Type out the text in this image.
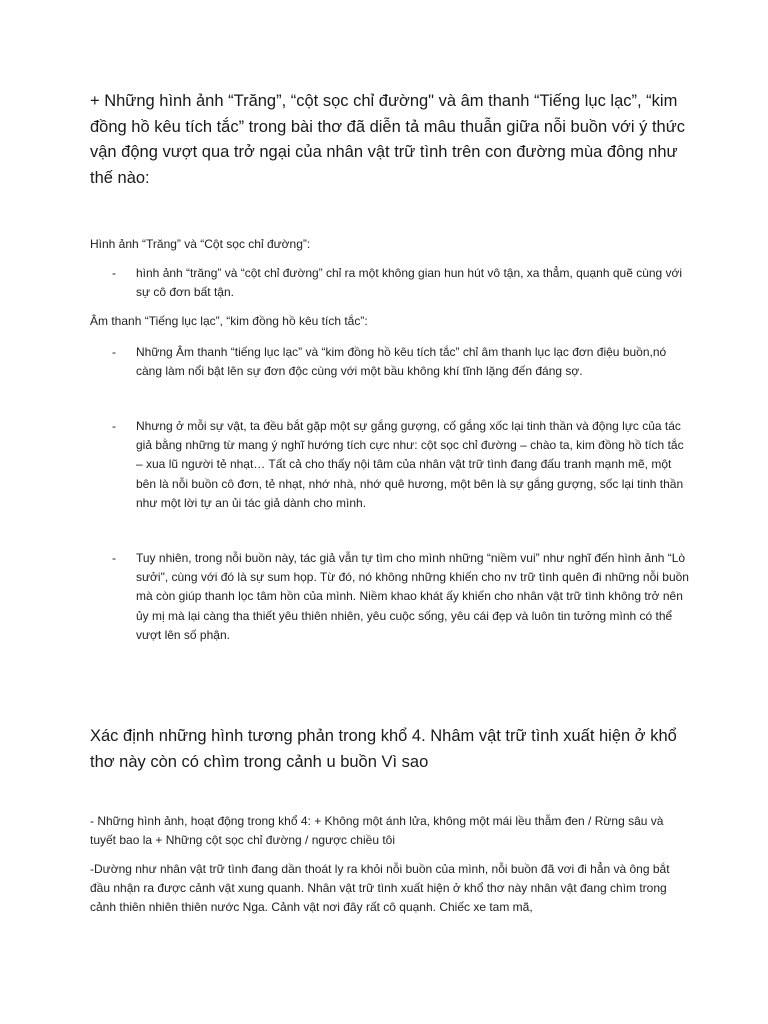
+ Những hình ảnh “Trăng”, “cột sọc chỉ đường" và âm thanh “Tiếng lục lạc”, “kim đồng hồ kêu tích tắc” trong bài thơ đã diễn tả mâu thuẫn giữa nỗi buồn với ý thức vận động vượt qua trở ngại của nhân vật trữ tình trên con đường mùa đông như thế nào:
Hình ảnh “Trăng” và “Cột sọc chỉ đường”:
- hình ảnh “trăng” và “cột chỉ đường” chỉ ra một không gian hun hút vô tận, xa thẳm, quạnh quẽ cùng với sự cô đơn bất tận.
Âm thanh “Tiếng lục lạc”, “kim đồng hồ kêu tích tắc”:
- Những Âm thanh “tiếng lục lạc” và “kim đồng hồ kêu tích tắc” chỉ âm thanh lục lạc đơn điệu buồn,nó càng làm nổi bật lên sự đơn độc cùng với một bầu không khí tĩnh lặng đến đáng sợ.
- Nhưng ở mỗi sự vật, ta đều bắt gặp một sự gắng gượng, cố gắng xốc lại tinh thần và động lực của tác giả bằng những từ mang ý nghĩ hướng tích cực như: cột sọc chỉ đường – chào ta, kim đồng hồ tích tắc – xua lũ người tẻ nhạt… Tất cả cho thấy nội tâm của nhân vật trữ tình đang đấu tranh mạnh mẽ, một bên là nỗi buồn cô đơn, tẻ nhạt, nhớ nhà, nhớ quê hương, một bên là sự gắng gượng, sốc lại tinh thần như một lời tự an ủi tác giả dành cho mình.
- Tuy nhiên, trong nỗi buồn này, tác giả vẫn tự tìm cho mình những “niềm vui” như nghĩ đến hình ảnh “Lò sưởi", cùng với đó là sự sum họp. Từ đó, nó không những khiến cho nv trữ tình quên đi những nỗi buồn mà còn giúp thanh lọc tâm hồn của mình. Niềm khao khát ấy khiến cho nhân vật trữ tình không trở nên ủy mị mà lại càng tha thiết yêu thiên nhiên, yêu cuộc sống, yêu cái đẹp và luôn tin tưởng mình có thể vượt lên số phận.
Xác định những hình tương phản trong khổ 4. Nhâm vật trữ tình xuất hiện ở khổ thơ này còn có chìm trong cảnh u buồn Vì sao
- Những hình ảnh, hoạt động trong khổ 4: + Không một ánh lửa, không một mái lều thẫm đen / Rừng sâu và tuyết bao la + Những cột sọc chỉ đường / ngược chiều tôi
-Dường như nhân vật trữ tình đang dần thoát ly ra khỏi nỗi buồn của mình, nỗi buồn đã vơi đi hẳn và ông bắt đầu nhận ra được cảnh vật xung quanh. Nhân vật trữ tình xuất hiện ở khổ thơ này nhân vật đang chìm trong cảnh thiên nhiên thiên nước Nga. Cảnh vật nơi đây rất cô quạnh. Chiếc xe tam mã,
